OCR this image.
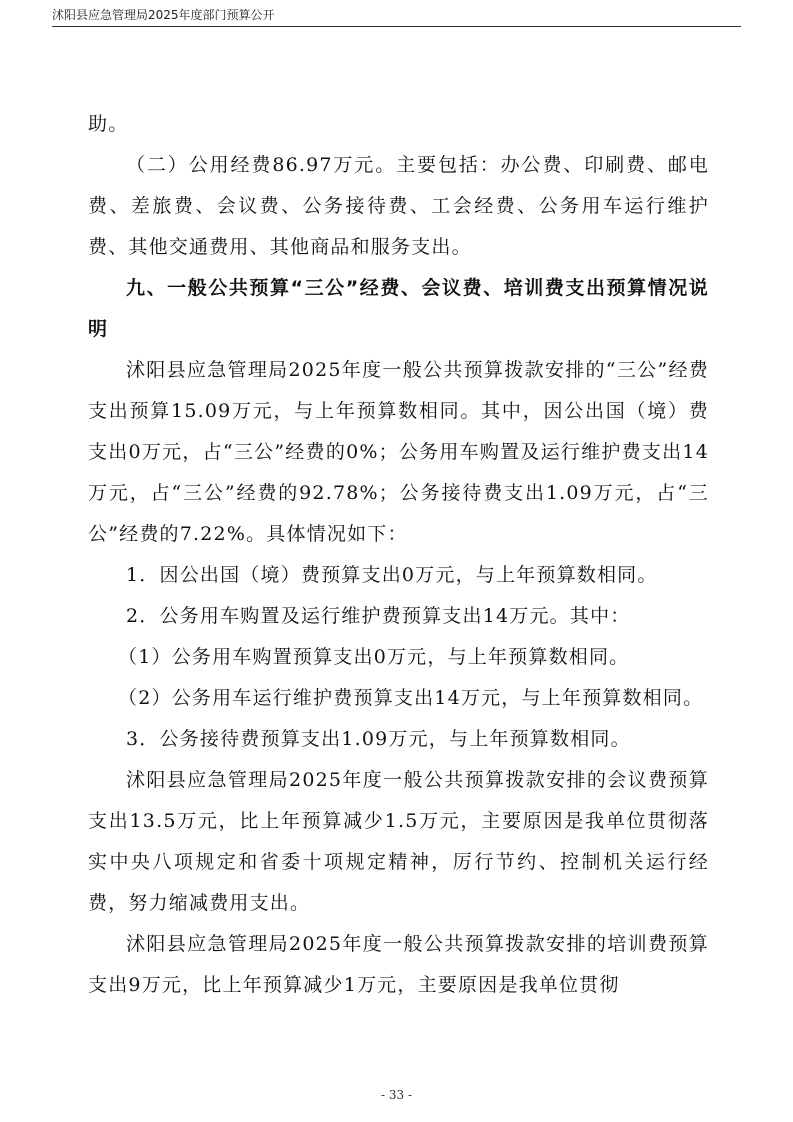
沭阳县应急管理局2025年度部门预算公开

助。

（二）公用经费86.97万元。主要包括：办公费、印刷费、邮电费、差旅费、会议费、公务接待费、工会经费、公务用车运行维护费、其他交通费用、其他商品和服务支出。

九、一般公共预算“三公”经费、会议费、培训费支出预算情况说明

沭阳县应急管理局2025年度一般公共预算拨款安排的“三公”经费支出预算15.09万元，与上年预算数相同。其中，因公出国（境）费支出0万元，占“三公”经费的0%；公务用车购置及运行维护费支出14万元，占“三公”经费的92.78%；公务接待费支出1.09万元，占“三公”经费的7.22%。具体情况如下：

1．因公出国（境）费预算支出0万元，与上年预算数相同。

2．公务用车购置及运行维护费预算支出14万元。其中：

（1）公务用车购置预算支出0万元，与上年预算数相同。

（2）公务用车运行维护费预算支出14万元，与上年预算数相同。

3．公务接待费预算支出1.09万元，与上年预算数相同。

沭阳县应急管理局2025年度一般公共预算拨款安排的会议费预算支出13.5万元，比上年预算减少1.5万元，主要原因是我单位贯彻落实中央八项规定和省委十项规定精神，厉行节约、控制机关运行经费，努力缩减费用支出。

沭阳县应急管理局2025年度一般公共预算拨款安排的培训费预算支出9万元，比上年预算减少1万元，主要原因是我单位贯彻

- 33 -
